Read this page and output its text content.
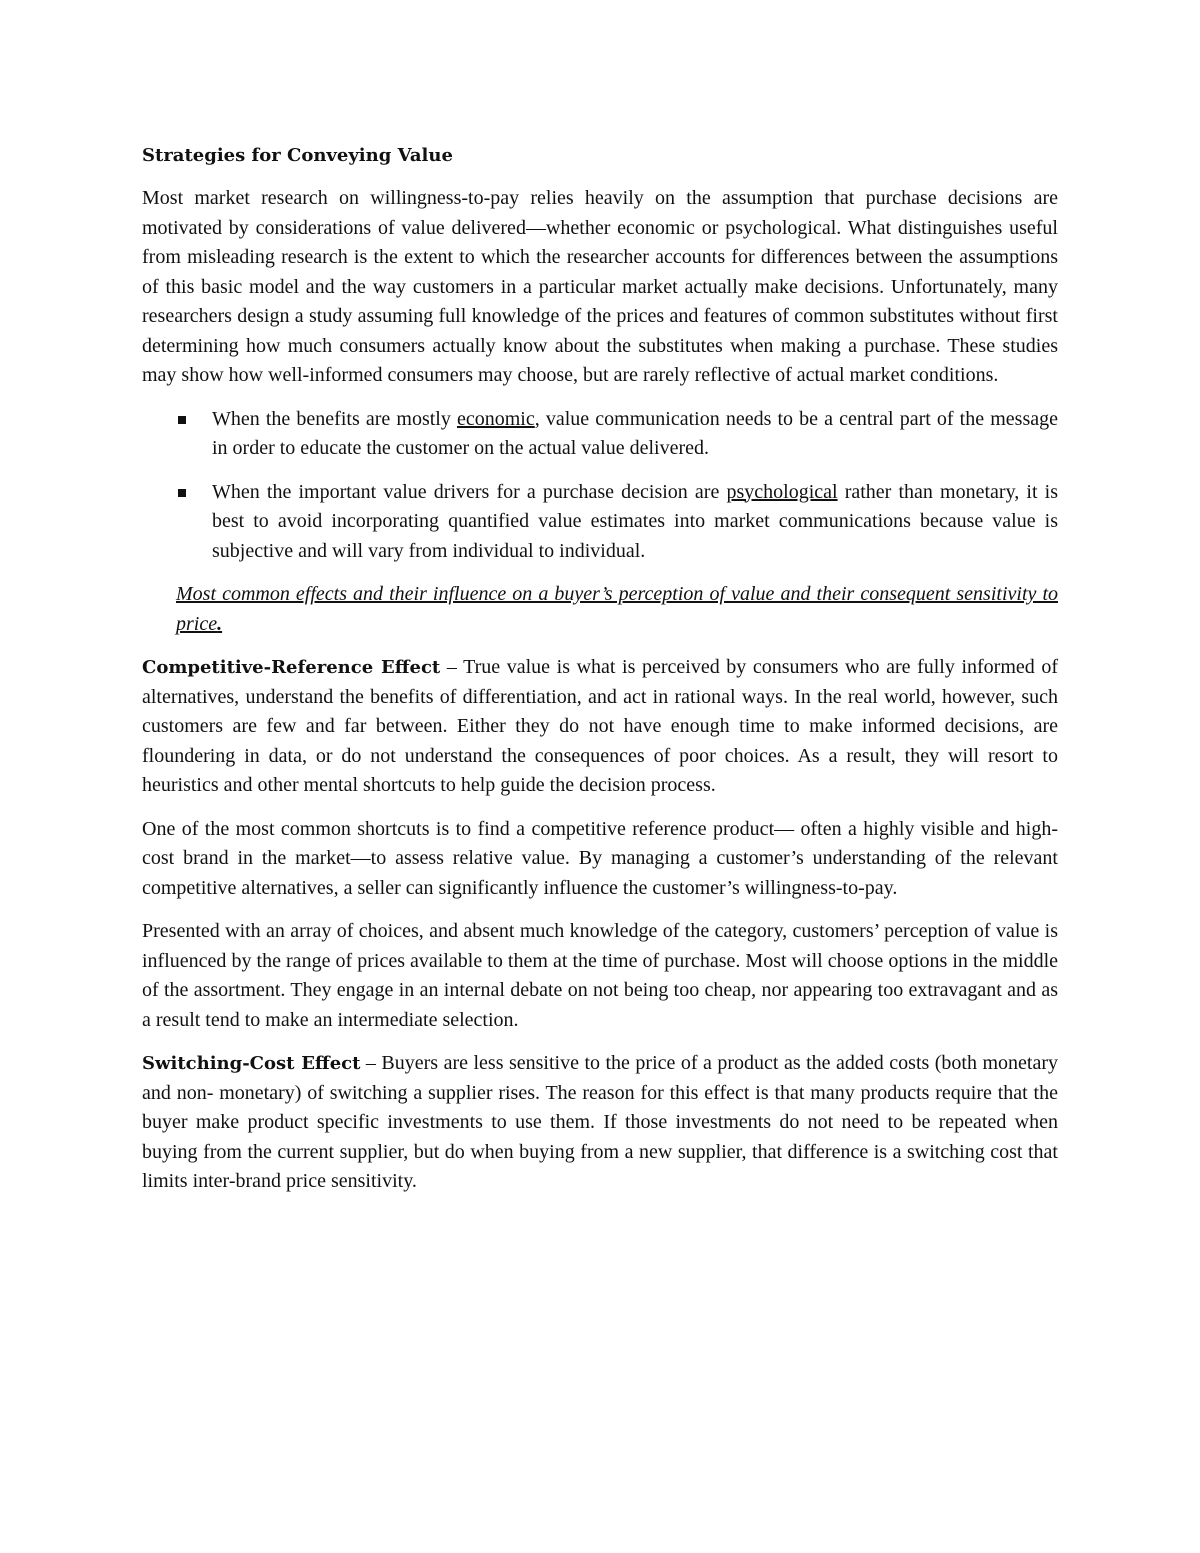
Strategies for Conveying Value

Most market research on willingness-to-pay relies heavily on the assumption that purchase decisions are motivated by considerations of value delivered—whether economic or psychological. What distinguishes useful from misleading research is the extent to which the researcher accounts for differences between the assumptions of this basic model and the way customers in a particular market actually make decisions. Unfortunately, many researchers design a study assuming full knowledge of the prices and features of common substitutes without first determining how much consumers actually know about the substitutes when making a purchase. These studies may show how well-informed consumers may choose, but are rarely reflective of actual market conditions.

When the benefits are mostly economic, value communication needs to be a central part of the message in order to educate the customer on the actual value delivered.
When the important value drivers for a purchase decision are psychological rather than monetary, it is best to avoid incorporating quantified value estimates into market communications because value is subjective and will vary from individual to individual.

Most common effects and their influence on a buyer’s perception of value and their consequent sensitivity to price.

Competitive-Reference Effect – True value is what is perceived by consumers who are fully informed of alternatives, understand the benefits of differentiation, and act in rational ways. In the real world, however, such customers are few and far between. Either they do not have enough time to make informed decisions, are floundering in data, or do not understand the consequences of poor choices. As a result, they will resort to heuristics and other mental shortcuts to help guide the decision process.

One of the most common shortcuts is to find a competitive reference product— often a highly visible and high-cost brand in the market—to assess relative value. By managing a customer’s understanding of the relevant competitive alternatives, a seller can significantly influence the customer’s willingness-to-pay.

Presented with an array of choices, and absent much knowledge of the category, customers’ perception of value is influenced by the range of prices available to them at the time of purchase. Most will choose options in the middle of the assortment. They engage in an internal debate on not being too cheap, nor appearing too extravagant and as a result tend to make an intermediate selection.

Switching-Cost Effect – Buyers are less sensitive to the price of a product as the added costs (both monetary and non- monetary) of switching a supplier rises. The reason for this effect is that many products require that the buyer make product specific investments to use them. If those investments do not need to be repeated when buying from the current supplier, but do when buying from a new supplier, that difference is a switching cost that limits inter-brand price sensitivity.
